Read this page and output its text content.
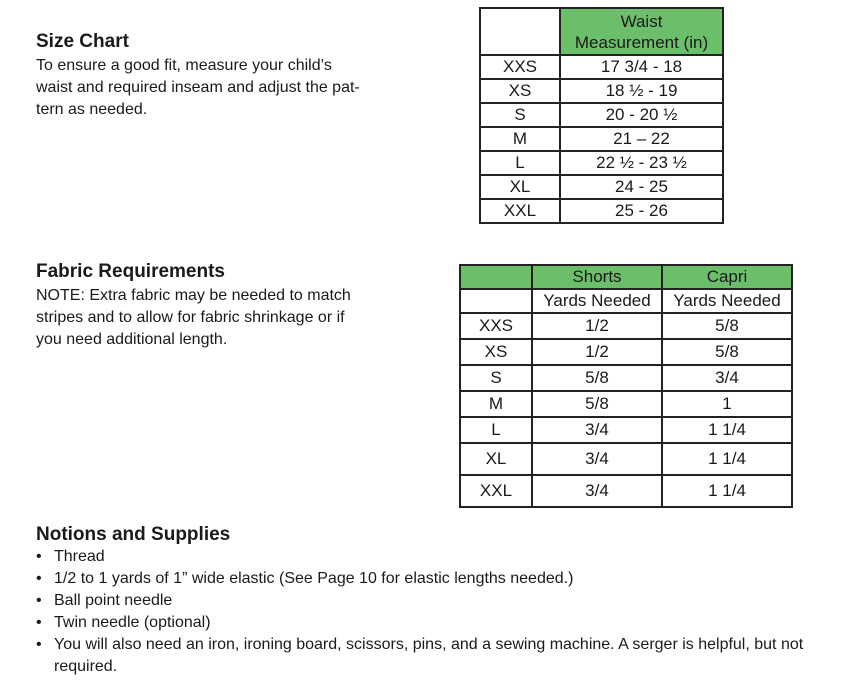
Size Chart

To ensure a good fit, measure your child’s
waist and required inseam and adjust the pat-
tern as needed.

	Waist
Measurement (in)

XXS	17 3/4 - 18
XS	18 ½ - 19
S	20 - 20 ½
M	21 – 22
L	22 ½ - 23 ½
XL	24 - 25
XXL	25 - 26
Fabric Requirements

NOTE: Extra fabric may be needed to match
stripes and to allow for fabric shrinkage or if
you need additional length.

	Shorts	Capri
	Yards Needed	Yards Needed
XXS	1/2	5/8
XS	1/2	5/8
S	5/8	3/4
M	5/8	1
L	3/4	1 1/4
XL	3/4	1 1/4
XXL	3/4	1 1/4
Notions and Supplies
• Thread
• 1/2 to 1 yards of 1” wide elastic (See Page 10 for elastic lengths needed.)
• Ball point needle
• Twin needle (optional)
• You will also need an iron, ironing board, scissors, pins, and a sewing machine. A serger is helpful, but not required.
